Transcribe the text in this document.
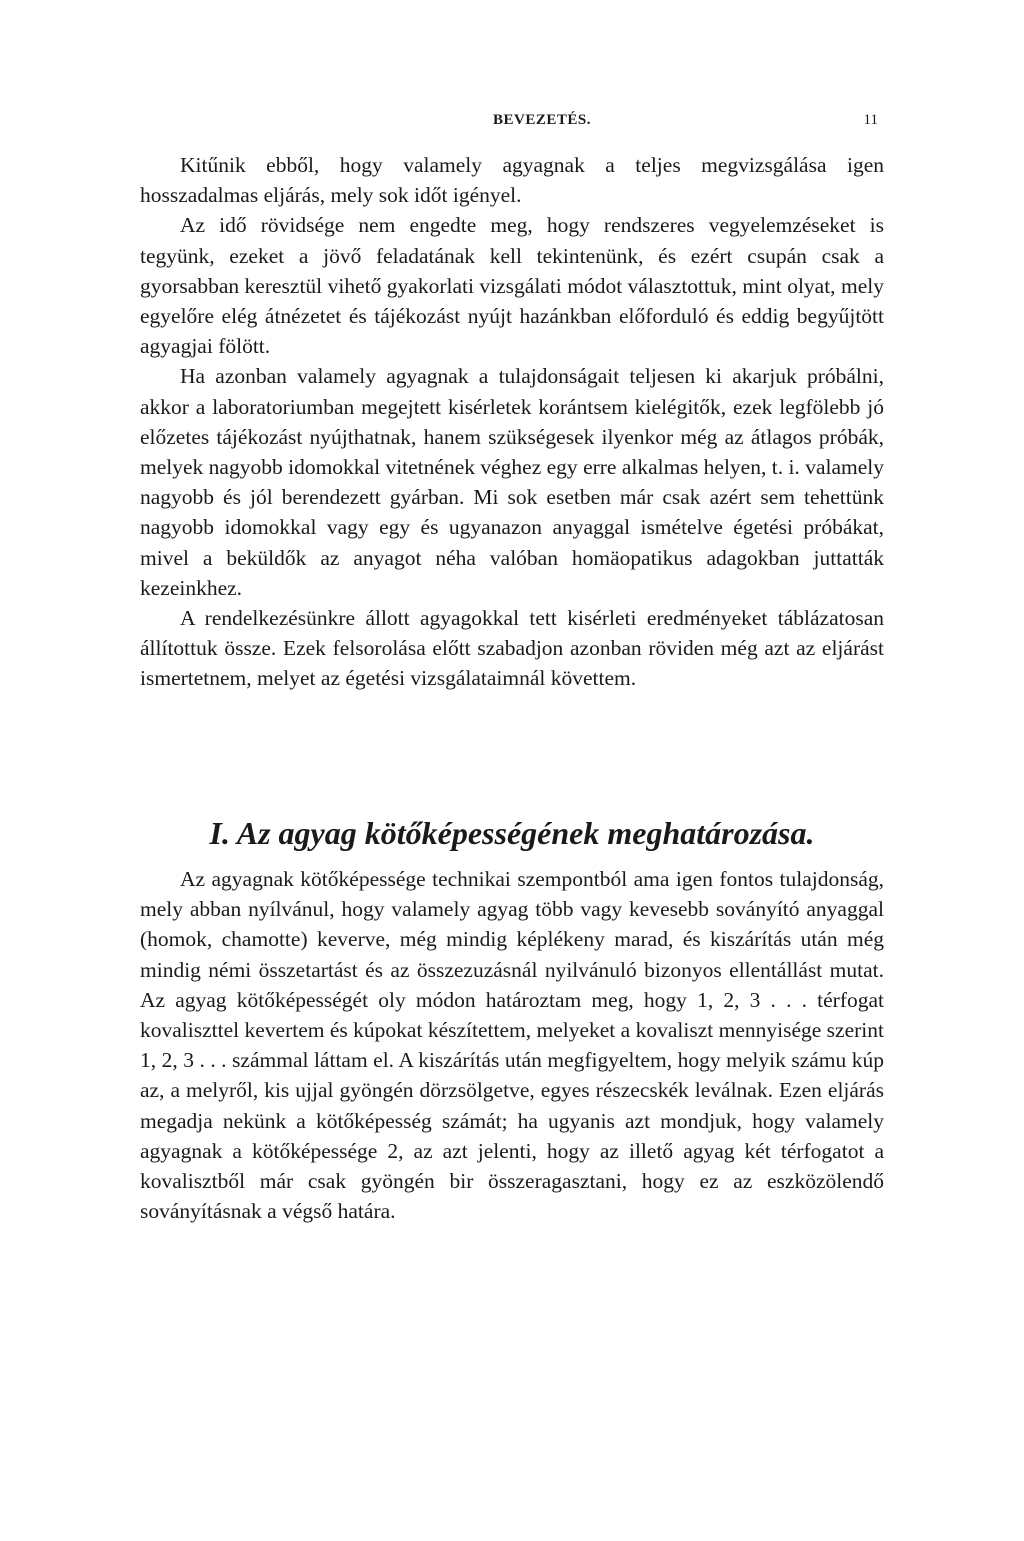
BEVEZETÉS.	11

Kitűnik ebből, hogy valamely agyagnak a teljes megvizsgálása igen hosszadalmas eljárás, mely sok időt igényel.

Az idő rövidsége nem engedte meg, hogy rendszeres vegyelemzéseket is tegyünk, ezeket a jövő feladatának kell tekintenünk, és ezért csupán csak a gyorsabban keresztül vihető gyakorlati vizsgálati módot választottuk, mint olyat, mely egyelőre elég átnézetet és tájékozást nyújt hazánkban előforduló és eddig begyűjtött agyagjai fölött.

Ha azonban valamely agyagnak a tulajdonságait teljesen ki akarjuk próbálni, akkor a laboratoriumban megejtett kisérletek korántsem kielégitők, ezek legfölebb jó előzetes tájékozást nyújthatnak, hanem szükségesek ilyenkor még az átlagos próbák, melyek nagyobb idomokkal vitetnének véghez egy erre alkalmas helyen, t. i. valamely nagyobb és jól berendezett gyárban. Mi sok esetben már csak azért sem tehettünk nagyobb idomokkal vagy egy és ugyanazon anyaggal ismételve égetési próbákat, mivel a beküldők az anyagot néha valóban homäopatikus adagokban juttatták kezeinkhez.

A rendelkezésünkre állott agyagokkal tett kisérleti eredményeket táblázatosan állítottuk össze. Ezek felsorolása előtt szabadjon azonban röviden még azt az eljárást ismertetnem, melyet az égetési vizsgálataimnál követtem.

I. Az agyag kötőképességének meghatározása.

Az agyagnak kötőképessége technikai szempontból ama igen fontos tulajdonság, mely abban nyílvánul, hogy valamely agyag több vagy kevesebb soványító anyaggal (homok, chamotte) keverve, még mindig képlékeny marad, és kiszárítás után még mindig némi összetartást és az összezuzásnál nyilvánuló bizonyos ellentállást mutat. Az agyag kötőképességét oly módon határoztam meg, hogy 1, 2, 3 . . . térfogat kovaliszttel kevertem és kúpokat készítettem, melyeket a kovaliszt mennyisége szerint 1, 2, 3 . . . számmal láttam el. A kiszárítás után megfigyeltem, hogy melyik számu kúp az, a melyről, kis ujjal gyöngén dörzsölgetve, egyes részecskék leválnak. Ezen eljárás megadja nekünk a kötőképesség számát; ha ugyanis azt mondjuk, hogy valamely agyagnak a kötőképessége 2, az azt jelenti, hogy az illető agyag két térfogatot a kovalisztből már csak gyöngén bir összeragasztani, hogy ez az eszközölendő soványításnak a végső határa.
